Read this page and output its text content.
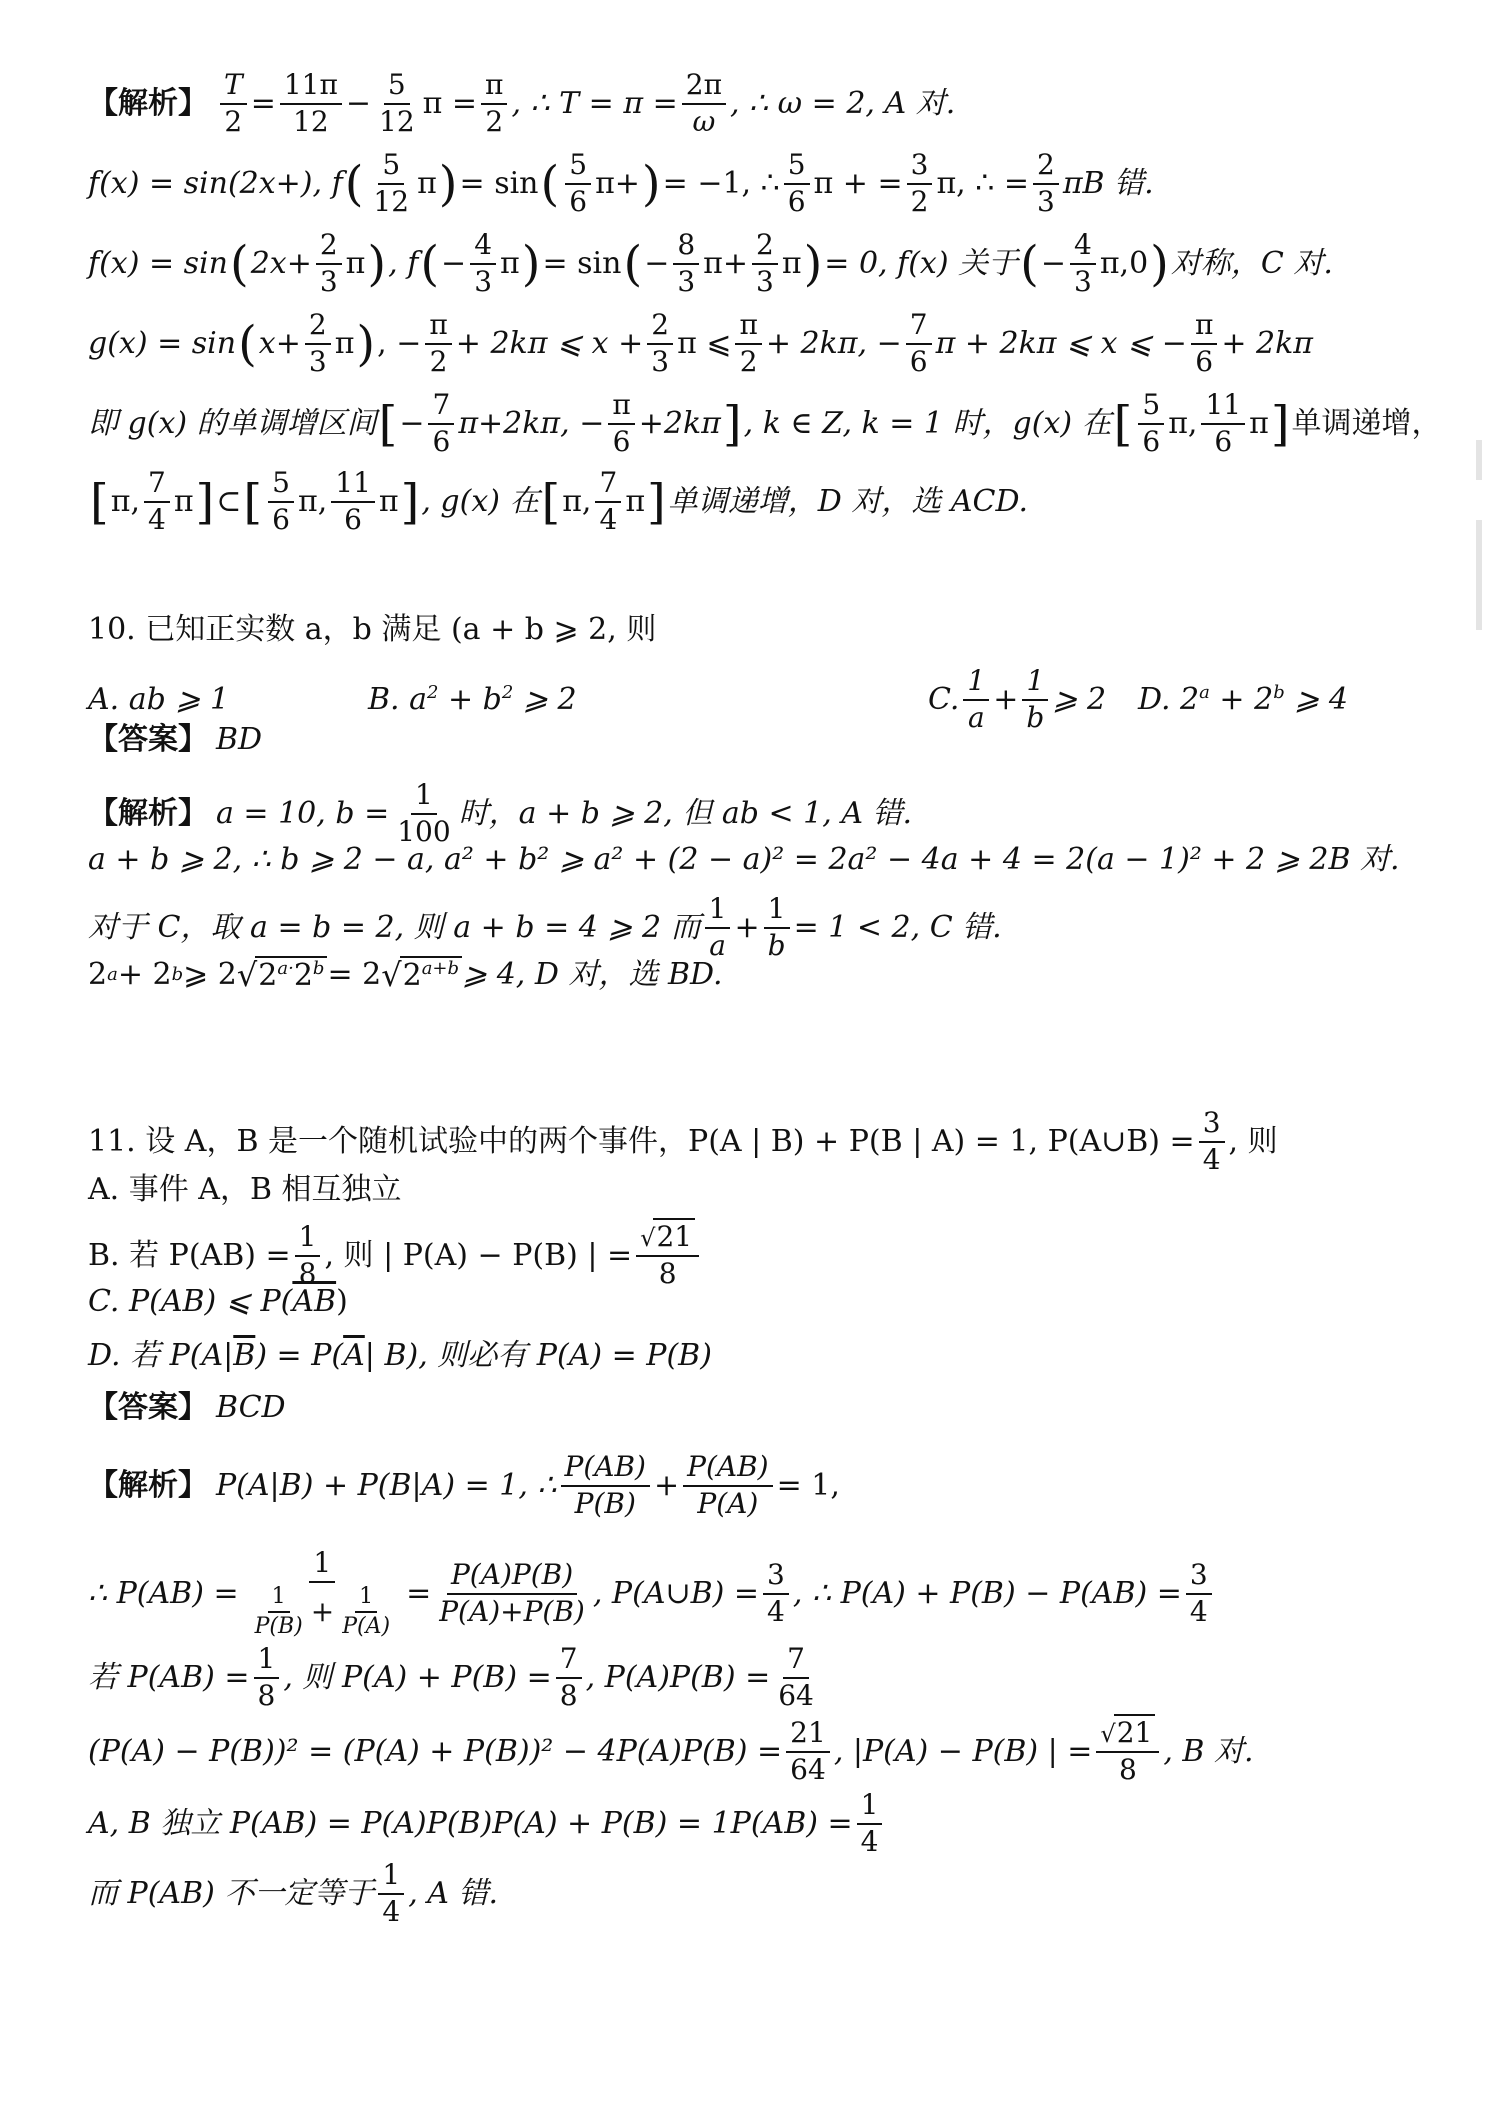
【解析】 $\frac{T}{2} = \frac{11\pi}{12} - \frac{5}{12}$ $\pi = \frac{\pi}{2}$ , ∴ $T = \pi = \frac{2\pi}{\omega}$ , ∴ ω = 2, A 对.
f(x) = sin(2x+), f ( 5
12
π ) = sin ( 5
6
π + ) = −1, ∴
5
6
π + = $\frac{3}{2} \pi$, ∴ = $\frac{2}{3}$ πB 错.
f(x) = sin ( $2x+ \frac{2}{3}$ π ) , f ( − $\frac{4}{3}$ π ) = sin ( − $\frac{8}{3} \pi+ \frac{2}{3}$ π ) = 0, f(x) 关于 ( − $\frac{4}{3} \pi$, 0 ) 对称，C 对.
g(x) = sin ( $x+ \frac{2}{3}$ π ) , − $\frac{\pi}{2} + 2k\pi$ ⩽ $x + \frac{2}{3}$ π ⩽
π
2
+ 2kπ, − $\frac{7}{6}$ π + 2kπ ⩽ x ⩽ − $\frac{\pi}{6} + 2k\pi$
即 g(x) 的单调增区间 [ − $\frac{7}{6} \pi+2k\pi$, − $\frac{\pi}{6} +2k\pi$ ] , k ∈ Z, k = 1 时，g(x) 在 [ 5
6
π,
11
6
π ] 单调递增，
[ π,
7
4
π ] ⊂ [ 5
6
π,
11
6
π ] , g(x) 在 [ π,
7
4
π ] 单调递增，D 对，选 ACD.
10. 已知正实数 a，b 满足 (a + b ⩾ 2, 则
A. ab ⩾ 1	B. $a^2 + b^2$ ⩾ 2	C.
1
a
+ $\frac{1}{b}$ ⩾ 2 D. $2^a + 2^b$ ⩾ 4
【答案】 BD
【解析】 a = 10, $b = \frac{1}{100}$ 时，a + b ⩾ 2, 但 ab < 1, A 错.
a + b ⩾ 2, ∴ b ⩾ 2 − a, a² + b² ⩾ a² + (2 − a)² = 2a² − 4a + 4 = 2(a − 1)² + 2 ⩾ 2B 对.
对于 C，取 a = b = 2, 则 a + b = 4 ⩾ 2 而
1
a
+ $\frac{1}{b} = 1 < 2$, C 错.
2 a + 2 b ⩾ 2 √ $2^{a\cdot}2^b = 2$ √ $2^{a+b}$ ⩾ 4, D 对，选 BD.
11. 设 A，B 是一个随机试验中的两个事件，P(A | B) + P(B | A) = 1, P(A∪B) = $\frac{3}{4}$ , 则
A. 事件 A，B 相互独立
B. 若 $P(AB) = \frac{1}{8}$ , 则 | P(A) − P(B) | = $\frac{√21}{8}$
C. P(AB) ⩽ P( $\overline{AB}$ )
D. 若 P(A| $\overline{B}$ ) = P( $\overline{A}$ | B), 则必有 P(A) = P(B)
【答案】 BCD
【解析】 P(A|B) + P(B|A) = 1, ∴
P(AB)
P(B)
+ $\frac{P(AB)}{P(A)} = 1$,
∴ P(AB) = 1
1
P(B) + 1
$P(A) = \frac{P(A)P(B)}{P(A)+P(B)}$ , P(A∪B) = $\frac{3}{4}$ , ∴ $P(A) + P(B) - P(AB) = \frac{3}{4}$
若 $P(AB) = \frac{1}{8}$ , 则 $P(A) + P(B) = \frac{7}{8}$ , $P(A)P(B) = \frac{7}{64}$
$(P(A) - P(B))^2 = (P(A) + P(B))^2 - 4P(A)P(B) = \frac{21}{64}$ , |P(A) − P(B) | = $\frac{√21}{8}$ , B 对.
A, B 独立 $P(AB) = P(A)P(B)P(A) + P(B) = 1P(AB) = \frac{1}{4}$
而 P(AB) 不一定等于
1
4
, A 错.
